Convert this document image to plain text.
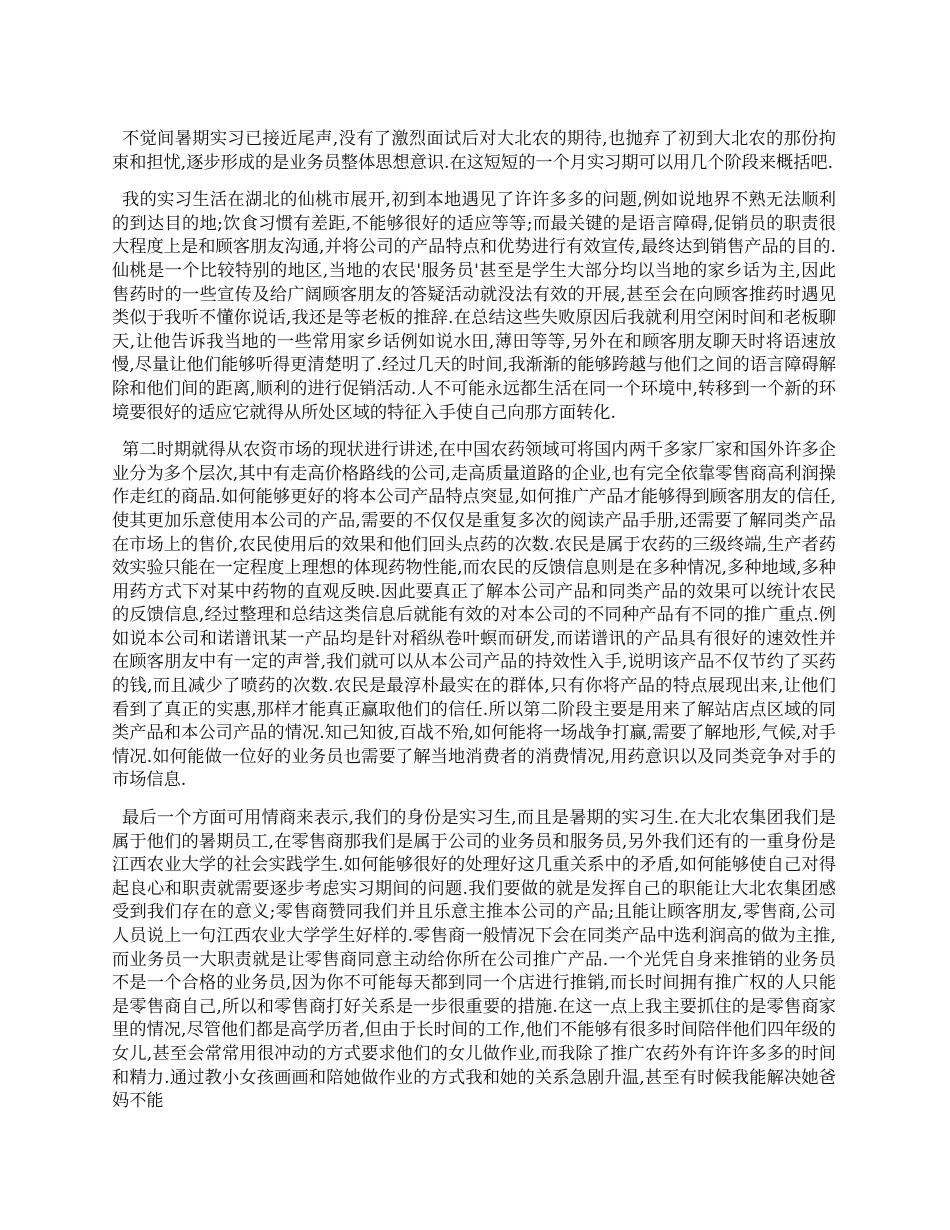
不觉间暑期实习已接近尾声,没有了激烈面试后对大北农的期待,也抛弃了初到大北农的那份拘束和担忧,逐步形成的是业务员整体思想意识.在这短短的一个月实习期可以用几个阶段来概括吧.

我的实习生活在湖北的仙桃市展开,初到本地遇见了许许多多的问题,例如说地界不熟无法顺利的到达目的地;饮食习惯有差距,不能够很好的适应等等;而最关键的是语言障碍,促销员的职责很大程度上是和顾客朋友沟通,并将公司的产品特点和优势进行有效宣传,最终达到销售产品的目的.仙桃是一个比较特别的地区,当地的农民'服务员'甚至是学生大部分均以当地的家乡话为主,因此售药时的一些宣传及给广阔顾客朋友的答疑活动就没法有效的开展,甚至会在向顾客推药时遇见类似于我听不懂你说话,我还是等老板的推辞.在总结这些失败原因后我就利用空闲时间和老板聊天,让他告诉我当地的一些常用家乡话例如说水田,薄田等等,另外在和顾客朋友聊天时将语速放慢,尽量让他们能够听得更清楚明了.经过几天的时间,我渐渐的能够跨越与他们之间的语言障碍解除和他们间的距离,顺利的进行促销活动.人不可能永远都生活在同一个环境中,转移到一个新的环境要很好的适应它就得从所处区域的特征入手使自己向那方面转化.

第二时期就得从农资市场的现状进行讲述,在中国农药领域可将国内两千多家厂家和国外许多企业分为多个层次,其中有走高价格路线的公司,走高质量道路的企业,也有完全依靠零售商高利润操作走红的商品.如何能够更好的将本公司产品特点突显,如何推广产品才能够得到顾客朋友的信任,使其更加乐意使用本公司的产品,需要的不仅仅是重复多次的阅读产品手册,还需要了解同类产品在市场上的售价,农民使用后的效果和他们回头点药的次数.农民是属于农药的三级终端,生产者药效实验只能在一定程度上理想的体现药物性能,而农民的反馈信息则是在多种情况,多种地域,多种用药方式下对某中药物的直观反映.因此要真正了解本公司产品和同类产品的效果可以统计农民的反馈信息,经过整理和总结这类信息后就能有效的对本公司的不同种产品有不同的推广重点.例如说本公司和诺谱讯某一产品均是针对稻纵卷叶螟而研发,而诺谱讯的产品具有很好的速效性并在顾客朋友中有一定的声誉,我们就可以从本公司产品的持效性入手,说明该产品不仅节约了买药的钱,而且减少了喷药的次数.农民是最淳朴最实在的群体,只有你将产品的特点展现出来,让他们看到了真正的实惠,那样才能真正赢取他们的信任.所以第二阶段主要是用来了解站店点区域的同类产品和本公司产品的情况.知己知彼,百战不殆,如何能将一场战争打赢,需要了解地形,气候,对手情况.如何能做一位好的业务员也需要了解当地消费者的消费情况,用药意识以及同类竞争对手的市场信息.

最后一个方面可用情商来表示,我们的身份是实习生,而且是暑期的实习生.在大北农集团我们是属于他们的暑期员工,在零售商那我们是属于公司的业务员和服务员,另外我们还有的一重身份是江西农业大学的社会实践学生.如何能够很好的处理好这几重关系中的矛盾,如何能够使自己对得起良心和职责就需要逐步考虑实习期间的问题.我们要做的就是发挥自己的职能让大北农集团感受到我们存在的意义;零售商赞同我们并且乐意主推本公司的产品;且能让顾客朋友,零售商,公司人员说上一句江西农业大学学生好样的.零售商一般情况下会在同类产品中选利润高的做为主推,而业务员一大职责就是让零售商同意主动给你所在公司推广产品.一个光凭自身来推销的业务员不是一个合格的业务员,因为你不可能每天都到同一个店进行推销,而长时间拥有推广权的人只能是零售商自己,所以和零售商打好关系是一步很重要的措施.在这一点上我主要抓住的是零售商家里的情况,尽管他们都是高学历者,但由于长时间的工作,他们不能够有很多时间陪伴他们四年级的女儿,甚至会常常用很冲动的方式要求他们的女儿做作业,而我除了推广农药外有许许多多的时间和精力.通过教小女孩画画和陪她做作业的方式我和她的关系急剧升温,甚至有时候我能解决她爸妈不能
